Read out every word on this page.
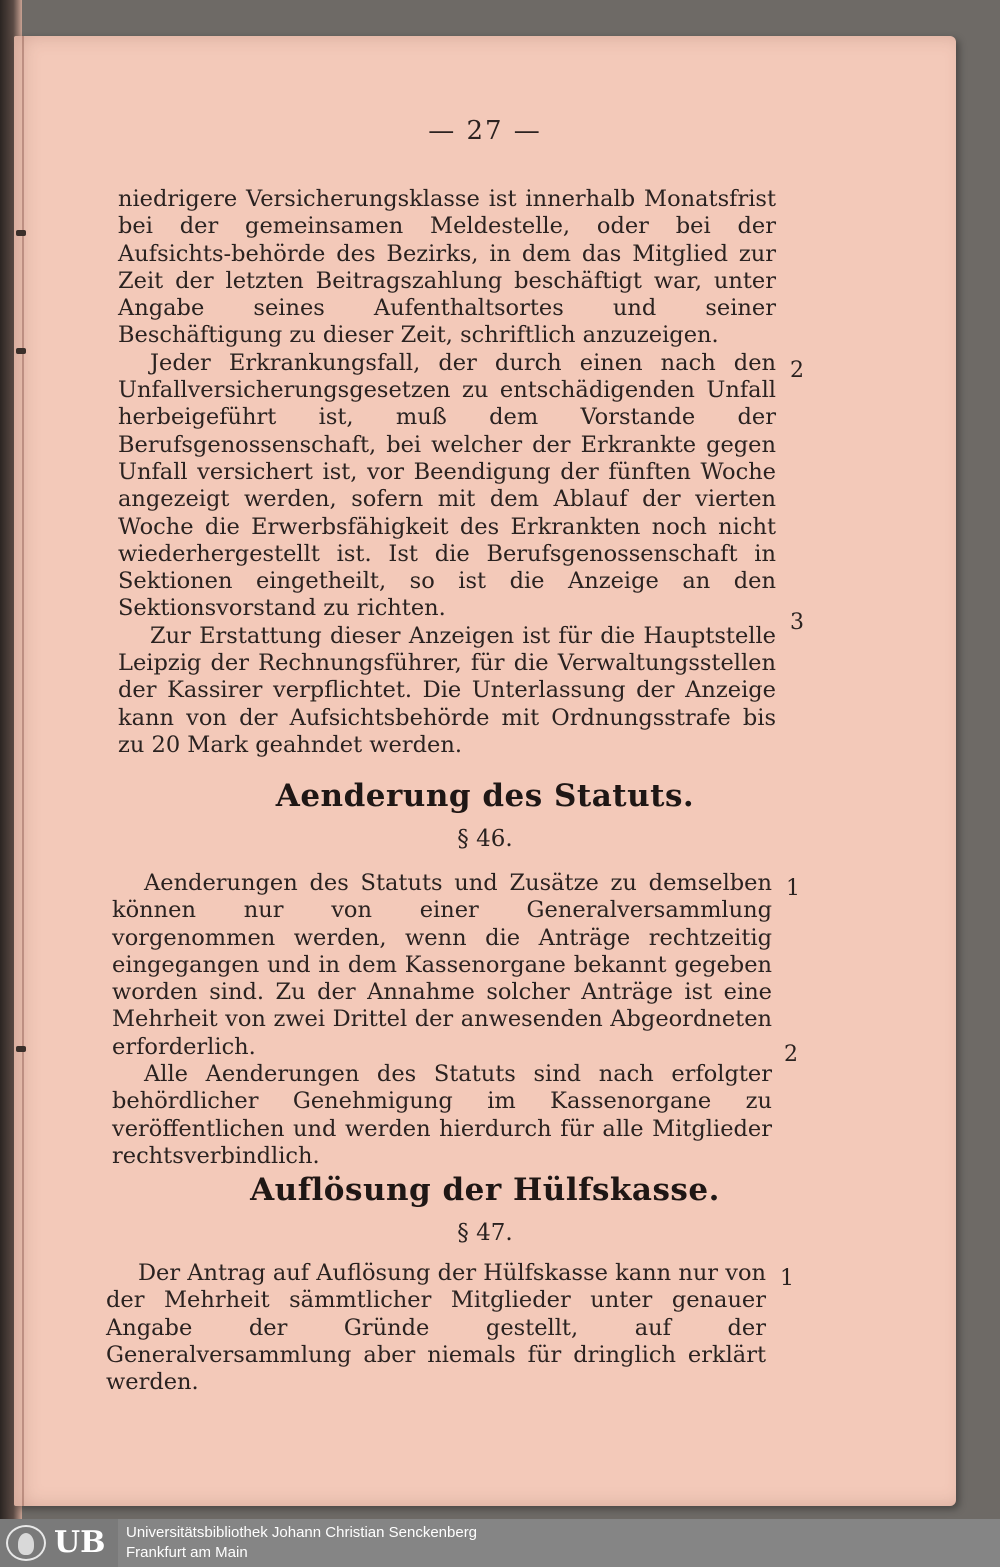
— 27 —

niedrigere Versicherungsklasse ist innerhalb Monatsfrist bei der gemeinsamen Meldestelle, oder bei der Aufsichts-behörde des Bezirks, in dem das Mitglied zur Zeit der letzten Beitragszahlung beschäftigt war, unter Angabe seines Aufenthaltsortes und seiner Beschäftigung zu dieser Zeit, schriftlich anzuzeigen.

Jeder Erkrankungsfall, der durch einen nach den Unfallversicherungsgesetzen zu entschädigenden Unfall herbeigeführt ist, muß dem Vorstande der Berufsgenossenschaft, bei welcher der Erkrankte gegen Unfall versichert ist, vor Beendigung der fünften Woche angezeigt werden, sofern mit dem Ablauf der vierten Woche die Erwerbsfähigkeit des Erkrankten noch nicht wiederhergestellt ist. Ist die Berufsgenossenschaft in Sektionen eingetheilt, so ist die Anzeige an den Sektionsvorstand zu richten.

Zur Erstattung dieser Anzeigen ist für die Hauptstelle Leipzig der Rechnungsführer, für die Verwaltungsstellen der Kassirer verpflichtet. Die Unterlassung der Anzeige kann von der Aufsichtsbehörde mit Ordnungsstrafe bis zu 20 Mark geahndet werden.

2
3
Aenderung des Statuts.
§ 46.

Aenderungen des Statuts und Zusätze zu demselben können nur von einer Generalversammlung vorgenommen werden, wenn die Anträge rechtzeitig eingegangen und in dem Kassenorgane bekannt gegeben worden sind. Zu der Annahme solcher Anträge ist eine Mehrheit von zwei Drittel der anwesenden Abgeordneten erforderlich.

Alle Aenderungen des Statuts sind nach erfolgter behördlicher Genehmigung im Kassenorgane zu veröffentlichen und werden hierdurch für alle Mitglieder rechtsverbindlich.

1
2
Auflösung der Hülfskasse.
§ 47.

Der Antrag auf Auflösung der Hülfskasse kann nur von der Mehrheit sämmtlicher Mitglieder unter genauer Angabe der Gründe gestellt, auf der Generalversammlung aber niemals für dringlich erklärt werden.

1
UB Universitätsbibliothek Johann Christian Senckenberg
Frankfurt am Main
